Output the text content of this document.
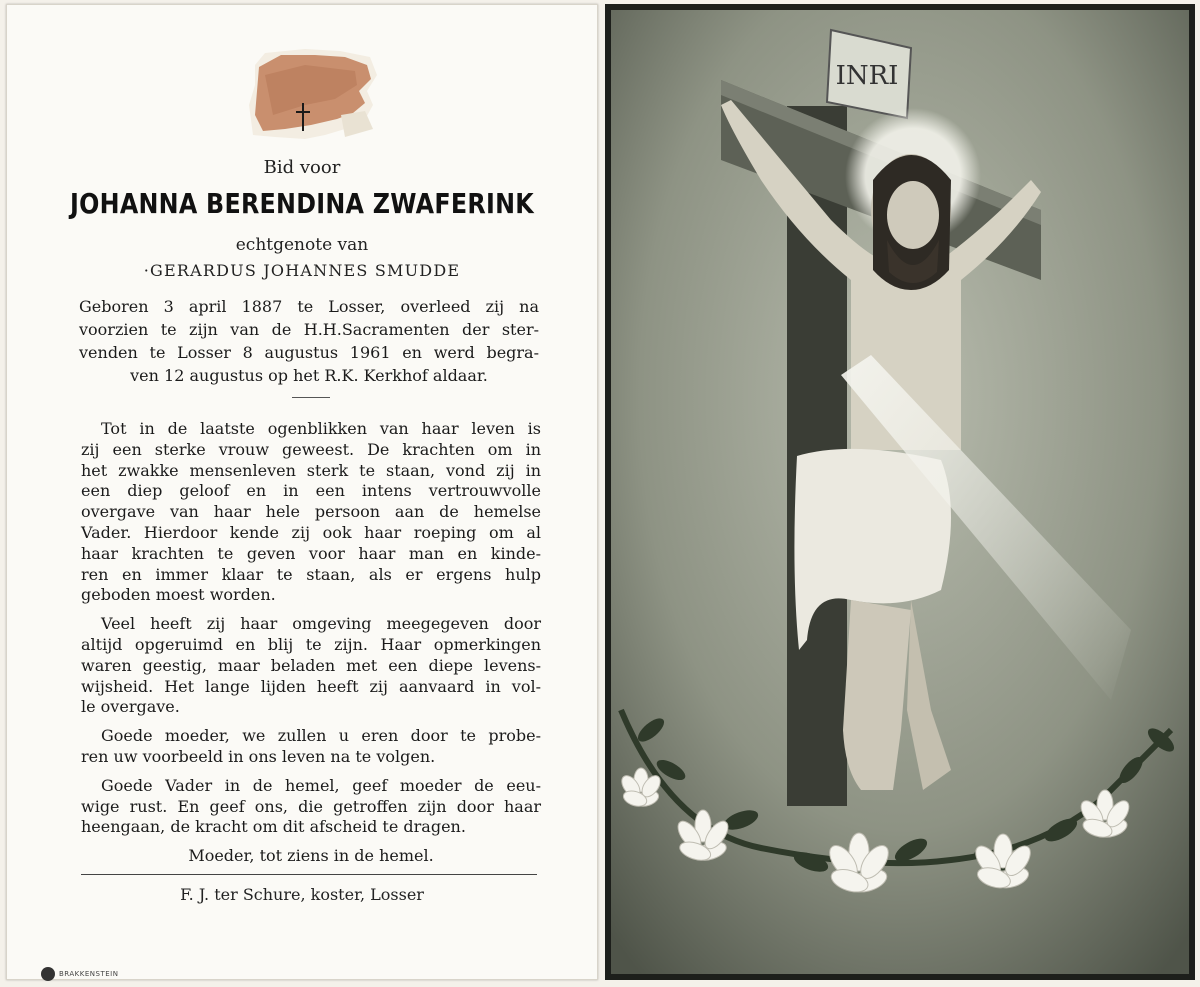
Bid voor
JOHANNA BERENDINA ZWAFERINK
echtgenote van
·GERARDUS JOHANNES SMUDDE

Geboren 3 april 1887 te Losser, overleed zij na

voorzien te zijn van de H.H.Sacramenten der ster-

venden te Losser 8 augustus 1961 en werd begra-

ven 12 augustus op het R.K. Kerkhof aldaar.

Tot in de laatste ogenblikken van haar leven is
zij een sterke vrouw geweest. De krachten om in
het zwakke mensenleven sterk te staan, vond zij in
een diep geloof en in een intens vertrouwvolle
overgave van haar hele persoon aan de hemelse
Vader. Hierdoor kende zij ook haar roeping om al
haar krachten te geven voor haar man en kinde-
ren en immer klaar te staan, als er ergens hulp
geboden moest worden.
Veel heeft zij haar omgeving meegegeven door
altijd opgeruimd en blij te zijn. Haar opmerkingen
waren geestig, maar beladen met een diepe levens-
wijsheid. Het lange lijden heeft zij aanvaard in vol-
le overgave.
Goede moeder, we zullen u eren door te probe-
ren uw voorbeeld in ons leven na te volgen.
Goede Vader in de hemel, geef moeder de eeu-
wige rust. En geef ons, die getroffen zijn door haar
heengaan, de kracht om dit afscheid te dragen.
Moeder, tot ziens in de hemel.
F. J. ter Schure, koster, Losser
BRAKKENSTEIN
INRI
